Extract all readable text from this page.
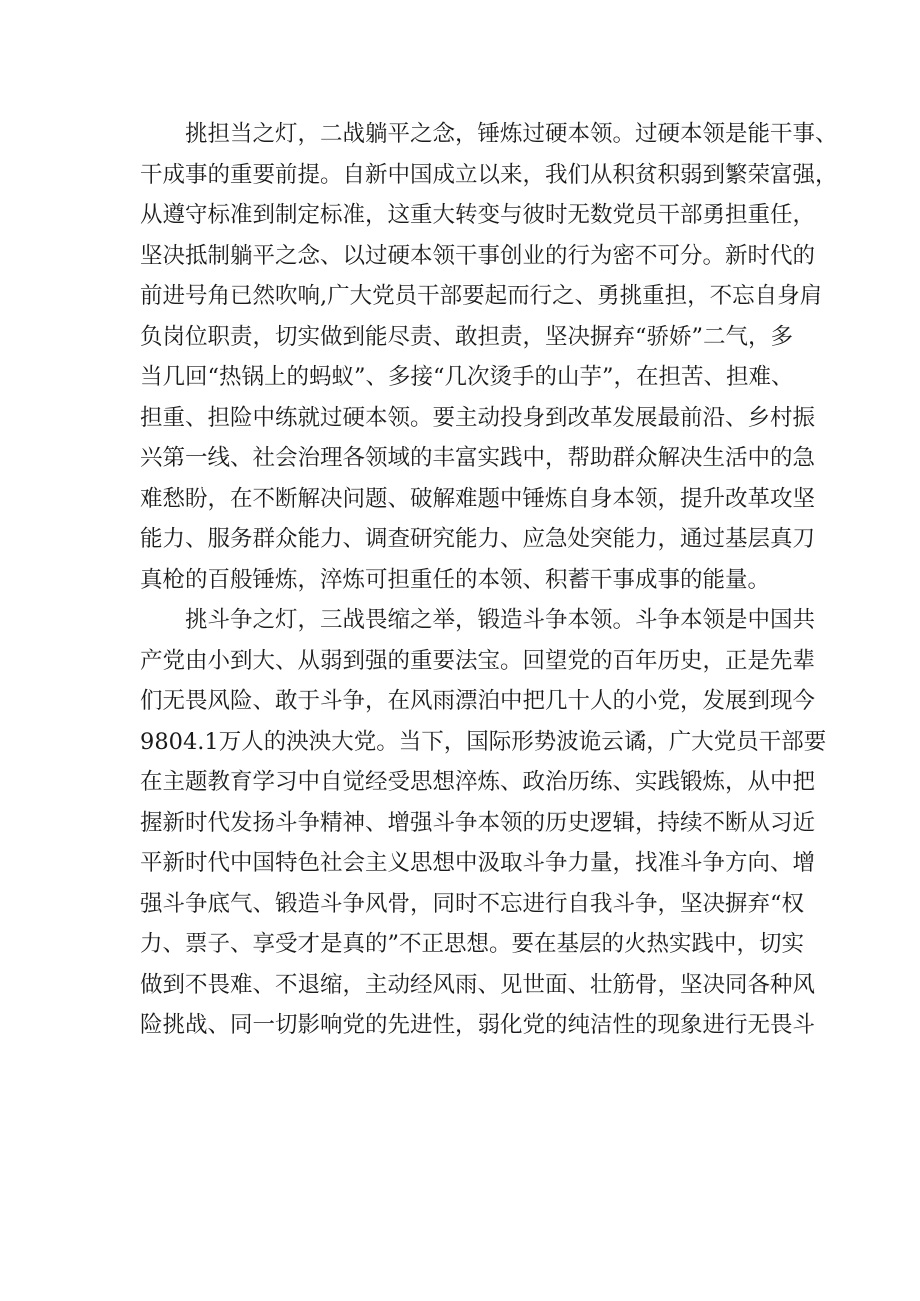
挑担当之灯，二战躺平之念，锤炼过硬本领。过硬本领是能干事、
干成事的重要前提。自新中国成立以来，我们从积贫积弱到繁荣富强，
从遵守标准到制定标准，这重大转变与彼时无数党员干部勇担重任，
坚决抵制躺平之念、以过硬本领干事创业的行为密不可分。新时代的
前进号角已然吹响,广大党员干部要起而行之、勇挑重担，不忘自身肩
负岗位职责，切实做到能尽责、敢担责，坚决摒弃“骄娇”二气，多
当几回“热锅上的蚂蚁”、多接“几次烫手的山芋”，在担苦、担难、
担重、担险中练就过硬本领。要主动投身到改革发展最前沿、乡村振
兴第一线、社会治理各领域的丰富实践中，帮助群众解决生活中的急
难愁盼，在不断解决问题、破解难题中锤炼自身本领，提升改革攻坚
能力、服务群众能力、调查研究能力、应急处突能力，通过基层真刀
真枪的百般锤炼，淬炼可担重任的本领、积蓄干事成事的能量。
挑斗争之灯，三战畏缩之举，锻造斗争本领。斗争本领是中国共
产党由小到大、从弱到强的重要法宝。回望党的百年历史，正是先辈
们无畏风险、敢于斗争，在风雨漂泊中把几十人的小党，发展到现今
9804.1万人的泱泱大党。当下，国际形势波诡云谲，广大党员干部要
在主题教育学习中自觉经受思想淬炼、政治历练、实践锻炼，从中把
握新时代发扬斗争精神、增强斗争本领的历史逻辑，持续不断从习近
平新时代中国特色社会主义思想中汲取斗争力量，找准斗争方向、增
强斗争底气、锻造斗争风骨，同时不忘进行自我斗争，坚决摒弃“权
力、票子、享受才是真的”不正思想。要在基层的火热实践中，切实
做到不畏难、不退缩，主动经风雨、见世面、壮筋骨，坚决同各种风
险挑战、同一切影响党的先进性，弱化党的纯洁性的现象进行无畏斗
